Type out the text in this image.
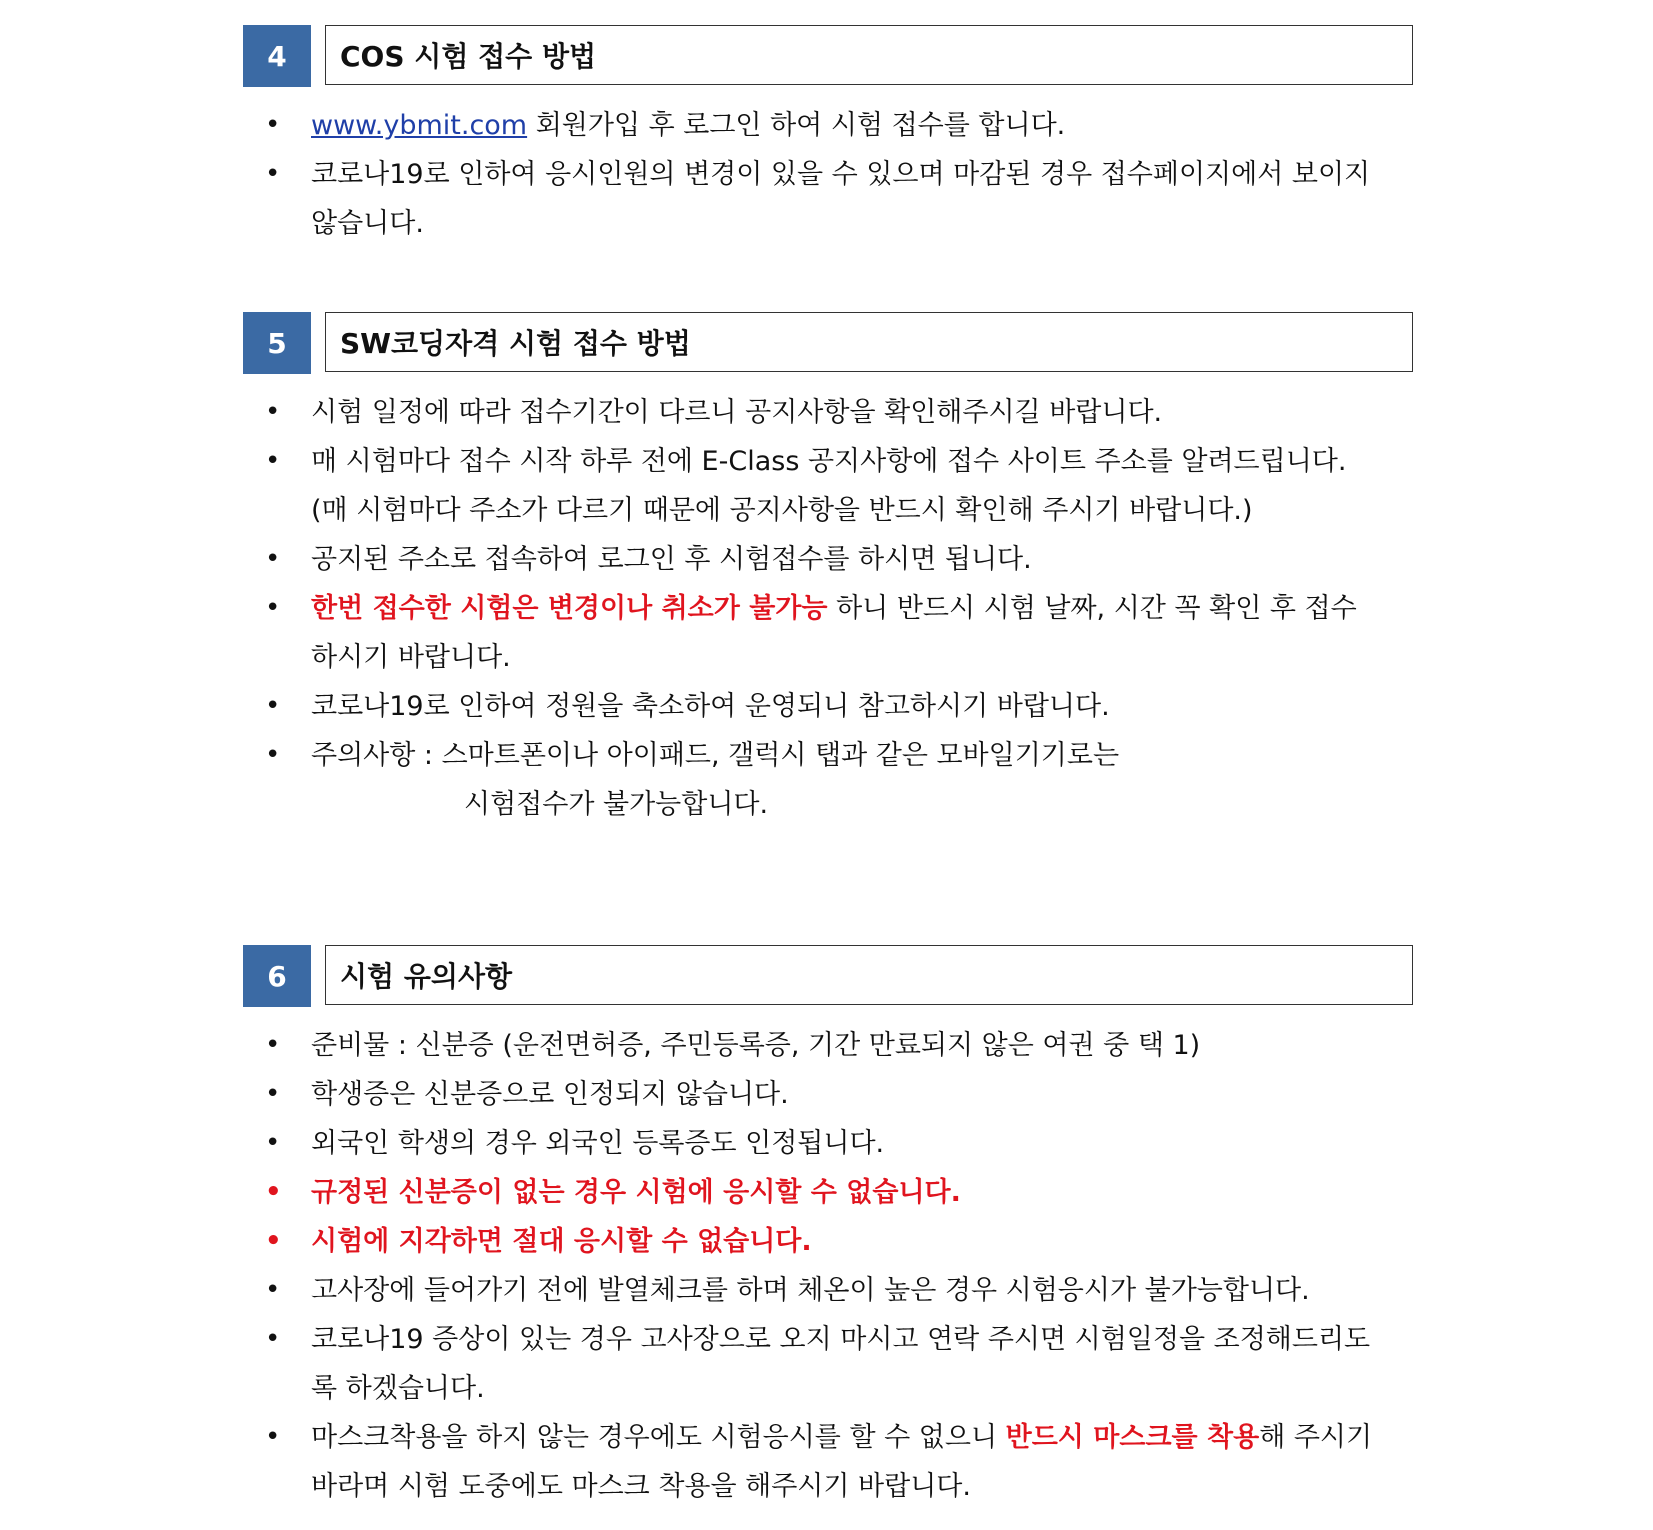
4	COS 시험 접수 방법
• www.ybmit.com 회원가입 후 로그인 하여 시험 접수를 합니다.
• 코로나19로 인하여 응시인원의 변경이 있을 수 있으며 마감된 경우 접수페이지에서 보이지 않습니다.
5	SW코딩자격 시험 접수 방법
• 시험 일정에 따라 접수기간이 다르니 공지사항을 확인해주시길 바랍니다.
• 매 시험마다 접수 시작 하루 전에 E-Class 공지사항에 접수 사이트 주소를 알려드립니다. (매 시험마다 주소가 다르기 때문에 공지사항을 반드시 확인해 주시기 바랍니다.)
• 공지된 주소로 접속하여 로그인 후 시험접수를 하시면 됩니다.
• 한번 접수한 시험은 변경이나 취소가 불가능 하니 반드시 시험 날짜, 시간 꼭 확인 후 접수하시기 바랍니다.
• 코로나19로 인하여 정원을 축소하여 운영되니 참고하시기 바랍니다.
• 주의사항 : 스마트폰이나 아이패드, 갤럭시 탭과 같은 모바일기기로는
시험접수가 불가능합니다.
6	시험 유의사항
• 준비물 : 신분증 (운전면허증, 주민등록증, 기간 만료되지 않은 여권 중 택 1)
• 학생증은 신분증으로 인정되지 않습니다.
• 외국인 학생의 경우 외국인 등록증도 인정됩니다.
• 규정된 신분증이 없는 경우 시험에 응시할 수 없습니다.
• 시험에 지각하면 절대 응시할 수 없습니다.
• 고사장에 들어가기 전에 발열체크를 하며 체온이 높은 경우 시험응시가 불가능합니다.
• 코로나19 증상이 있는 경우 고사장으로 오지 마시고 연락 주시면 시험일정을 조정해드리도록 하겠습니다.
• 마스크착용을 하지 않는 경우에도 시험응시를 할 수 없으니 반드시 마스크를 착용해 주시기 바라며 시험 도중에도 마스크 착용을 해주시기 바랍니다.
